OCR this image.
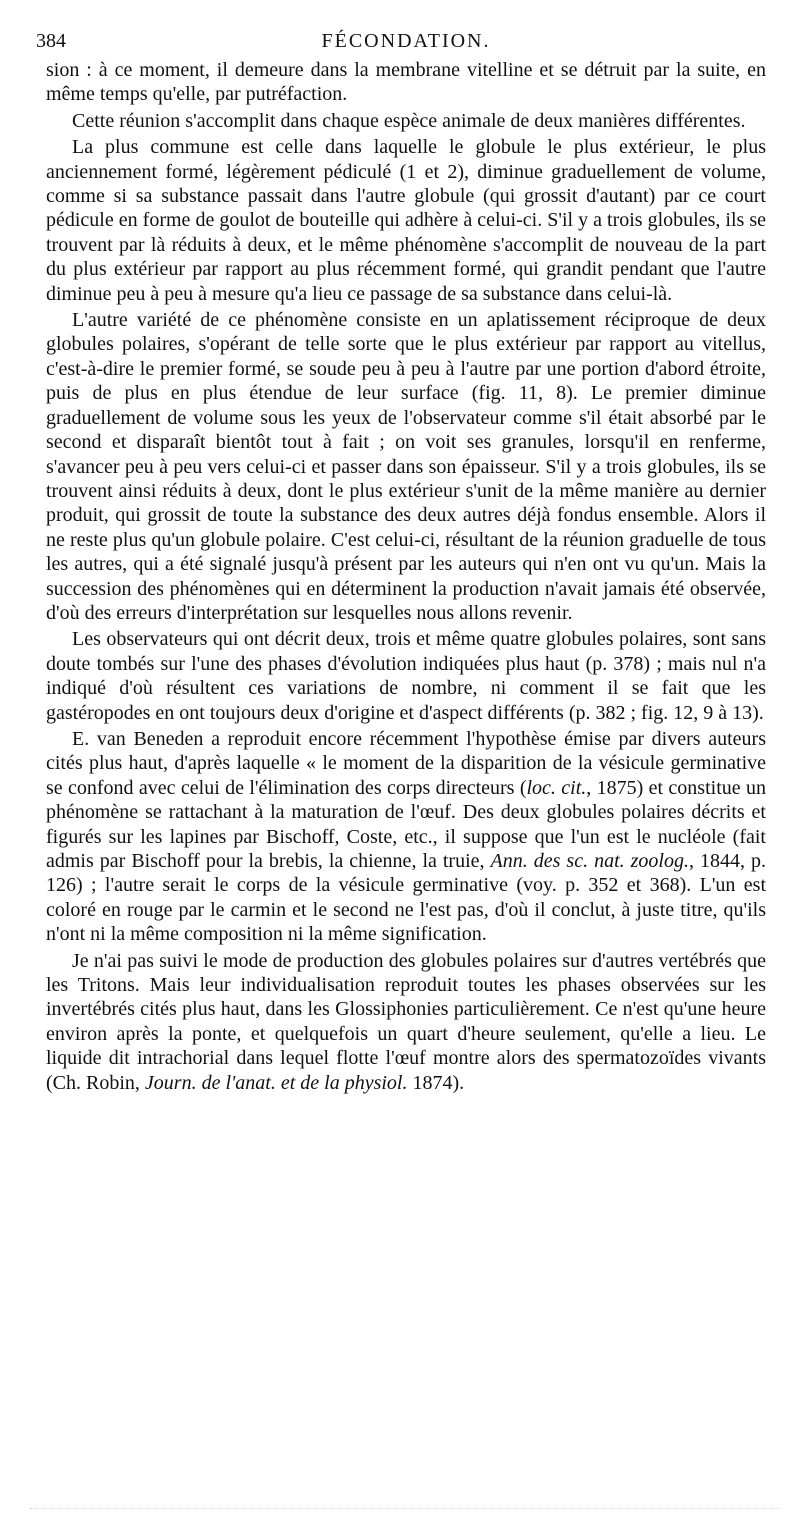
384	FÉCONDATION.

sion : à ce moment, il demeure dans la membrane vitelline et se détruit par la suite, en même temps qu'elle, par putréfaction.

Cette réunion s'accomplit dans chaque espèce animale de deux manières différentes.

La plus commune est celle dans laquelle le globule le plus extérieur, le plus anciennement formé, légèrement pédiculé (1 et 2), diminue graduellement de volume, comme si sa substance passait dans l'autre globule (qui grossit d'autant) par ce court pédicule en forme de goulot de bouteille qui adhère à celui-ci. S'il y a trois globules, ils se trouvent par là réduits à deux, et le même phénomène s'accomplit de nouveau de la part du plus extérieur par rapport au plus récemment formé, qui grandit pendant que l'autre diminue peu à peu à mesure qu'a lieu ce passage de sa substance dans celui-là.

L'autre variété de ce phénomène consiste en un aplatissement réciproque de deux globules polaires, s'opérant de telle sorte que le plus extérieur par rapport au vitellus, c'est-à-dire le premier formé, se soude peu à peu à l'autre par une portion d'abord étroite, puis de plus en plus étendue de leur surface (fig. 11, 8). Le premier diminue graduellement de volume sous les yeux de l'observateur comme s'il était absorbé par le second et disparaît bientôt tout à fait ; on voit ses granules, lorsqu'il en renferme, s'avancer peu à peu vers celui-ci et passer dans son épaisseur. S'il y a trois globules, ils se trouvent ainsi réduits à deux, dont le plus extérieur s'unit de la même manière au dernier produit, qui grossit de toute la substance des deux autres déjà fondus ensemble. Alors il ne reste plus qu'un globule polaire. C'est celui-ci, résultant de la réunion graduelle de tous les autres, qui a été signalé jusqu'à présent par les auteurs qui n'en ont vu qu'un. Mais la succession des phénomènes qui en déterminent la production n'avait jamais été observée, d'où des erreurs d'interprétation sur lesquelles nous allons revenir.

Les observateurs qui ont décrit deux, trois et même quatre globules polaires, sont sans doute tombés sur l'une des phases d'évolution indiquées plus haut (p. 378) ; mais nul n'a indiqué d'où résultent ces variations de nombre, ni comment il se fait que les gastéropodes en ont toujours deux d'origine et d'aspect différents (p. 382 ; fig. 12, 9 à 13).

E. van Beneden a reproduit encore récemment l'hypothèse émise par divers auteurs cités plus haut, d'après laquelle « le moment de la disparition de la vésicule germinative se confond avec celui de l'élimination des corps directeurs (loc. cit., 1875) et constitue un phénomène se rattachant à la maturation de l'œuf. Des deux globules polaires décrits et figurés sur les lapines par Bischoff, Coste, etc., il suppose que l'un est le nucléole (fait admis par Bischoff pour la brebis, la chienne, la truie, Ann. des sc. nat. zoolog., 1844, p. 126) ; l'autre serait le corps de la vésicule germinative (voy. p. 352 et 368). L'un est coloré en rouge par le carmin et le second ne l'est pas, d'où il conclut, à juste titre, qu'ils n'ont ni la même composition ni la même signification.

Je n'ai pas suivi le mode de production des globules polaires sur d'autres vertébrés que les Tritons. Mais leur individualisation reproduit toutes les phases observées sur les invertébrés cités plus haut, dans les Glossiphonies particulièrement. Ce n'est qu'une heure environ après la ponte, et quelquefois un quart d'heure seulement, qu'elle a lieu. Le liquide dit intrachorial dans lequel flotte l'œuf montre alors des spermatozoïdes vivants (Ch. Robin, Journ. de l'anat. et de la physiol. 1874).
